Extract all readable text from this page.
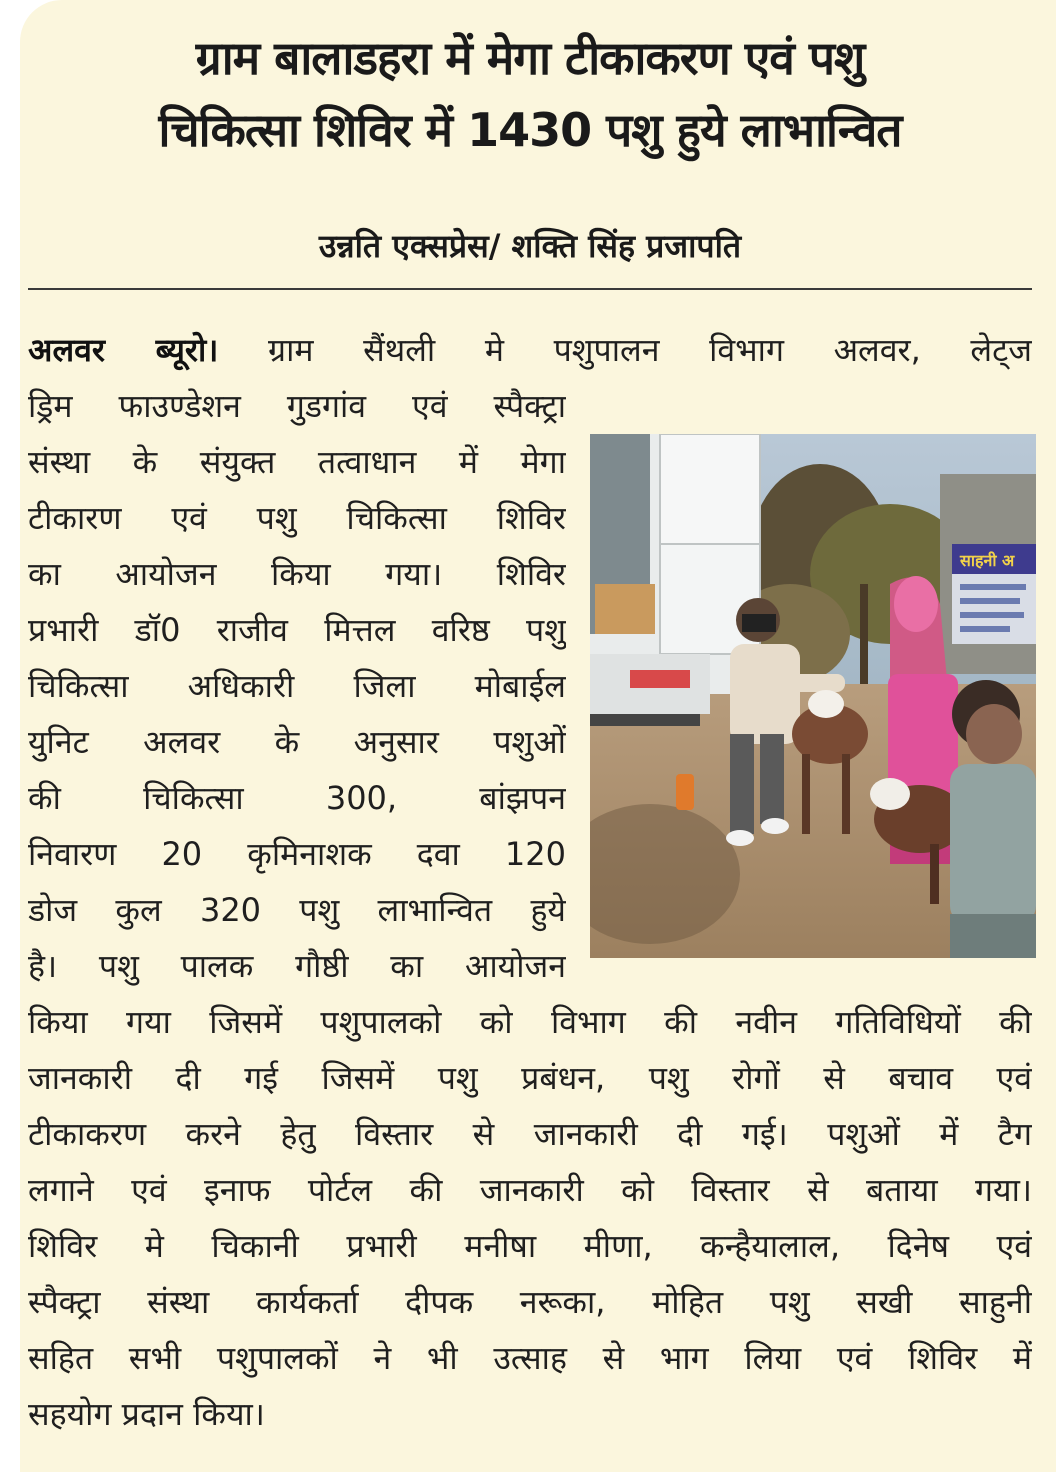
ग्राम बालाडहरा में मेगा टीकाकरण एवं पशु
चिकित्सा शिविर में 1430 पशु हुये लाभान्वित
उन्नति एक्सप्रेस/ शक्ति सिंह प्रजापति
अलवर ब्यूरो। ग्राम सैंथली मे पशुपालन विभाग अलवर, लेट्ज
ड्रिम फाउण्डेशन गुडगांव एवं स्पैक्ट्रा
संस्था के संयुक्त तत्वाधान में मेगा
टीकारण एवं पशु चिकित्सा शिविर
का आयोजन किया गया। शिविर
प्रभारी डॉ0 राजीव मित्तल वरिष्ठ पशु
चिकित्सा अधिकारी जिला मोबाईल
युनिट अलवर के अनुसार पशुओं
की चिकित्सा 300, बांझपन
निवारण 20 कृमिनाशक दवा 120
डोज कुल 320 पशु लाभान्वित हुये
है। पशु पालक गौष्ठी का आयोजन
किया गया जिसमें पशुपालको को विभाग की नवीन गतिविधियों की
जानकारी दी गई जिसमें पशु प्रबंधन, पशु रोगों से बचाव एवं
टीकाकरण करने हेतु विस्तार से जानकारी दी गई। पशुओं में टैग
लगाने एवं इनाफ पोर्टल की जानकारी को विस्तार से बताया गया।
शिविर मे चिकानी प्रभारी मनीषा मीणा, कन्हैयालाल, दिनेष एवं
स्पैक्ट्रा संस्था कार्यकर्ता दीपक नरूका, मोहित पशु सखी साहुनी
सहित सभी पशुपालकों ने भी उत्साह से भाग लिया एवं शिविर में
सहयोग प्रदान किया।
साहनी अ
